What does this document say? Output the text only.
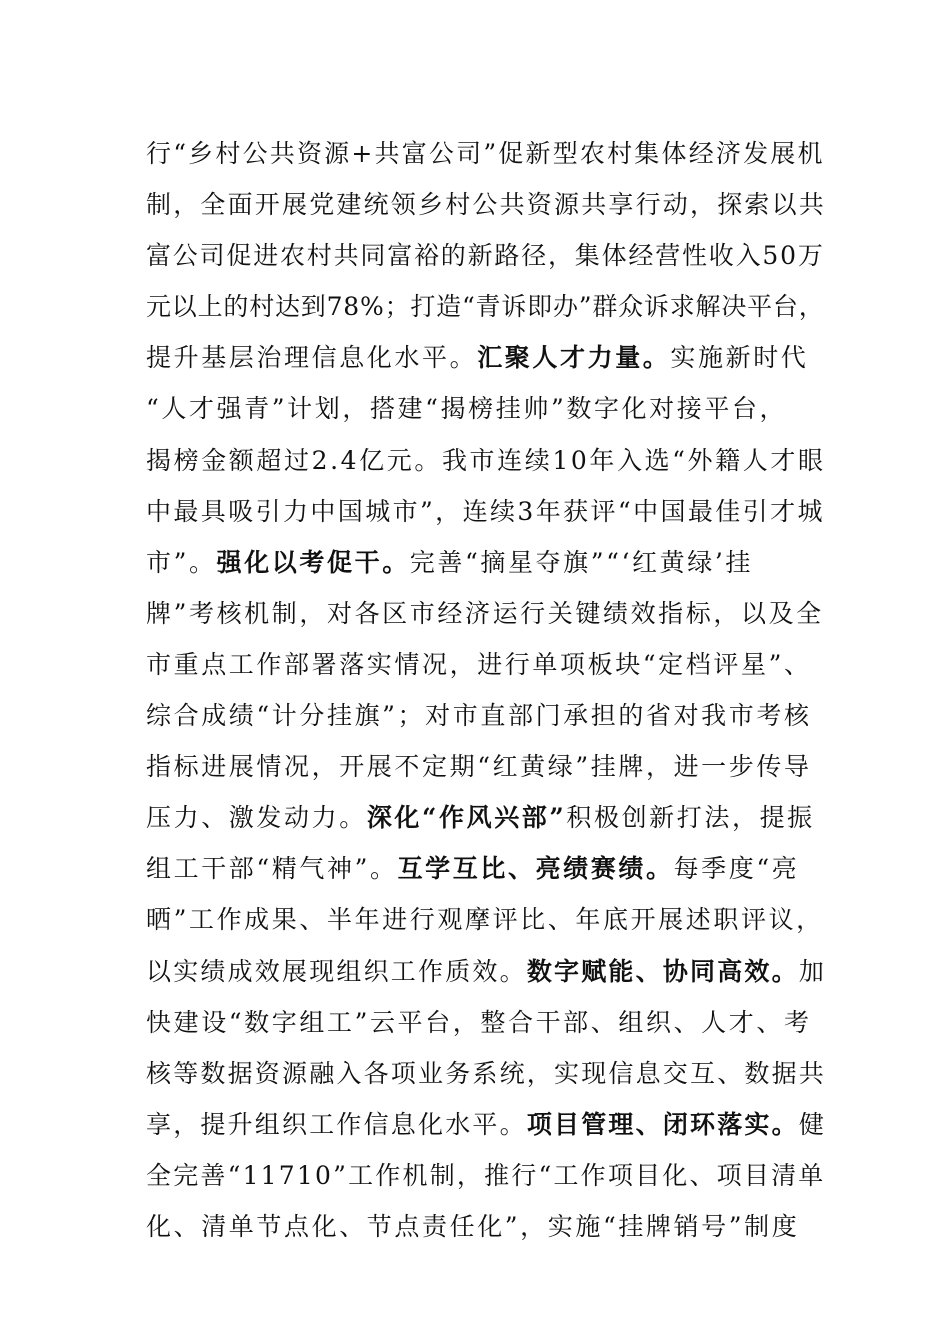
行“乡村公共资源+共富公司”促新型农村集体经济发展机
制，全面开展党建统领乡村公共资源共享行动，探索以共
富公司促进农村共同富裕的新路径，集体经营性收入50万
元以上的村达到78%；打造“青诉即办”群众诉求解决平台，
提升基层治理信息化水平。汇聚人才力量。实施新时代
“人才强青”计划，搭建“揭榜挂帅”数字化对接平台，
揭榜金额超过2.4亿元。我市连续10年入选“外籍人才眼
中最具吸引力中国城市”，连续3年获评“中国最佳引才城
市”。强化以考促干。完善“摘星夺旗”“‘红黄绿’挂
牌”考核机制，对各区市经济运行关键绩效指标，以及全
市重点工作部署落实情况，进行单项板块“定档评星”、
综合成绩“计分挂旗”；对市直部门承担的省对我市考核
指标进展情况，开展不定期“红黄绿”挂牌，进一步传导
压力、激发动力。深化“作风兴部”积极创新打法，提振
组工干部“精气神”。互学互比、亮绩赛绩。每季度“亮
晒”工作成果、半年进行观摩评比、年底开展述职评议，
以实绩成效展现组织工作质效。数字赋能、协同高效。加
快建设“数字组工”云平台，整合干部、组织、人才、考
核等数据资源融入各项业务系统，实现信息交互、数据共
享，提升组织工作信息化水平。项目管理、闭环落实。健
全完善“11710”工作机制，推行“工作项目化、项目清单
化、清单节点化、节点责任化”，实施“挂牌销号”制度
